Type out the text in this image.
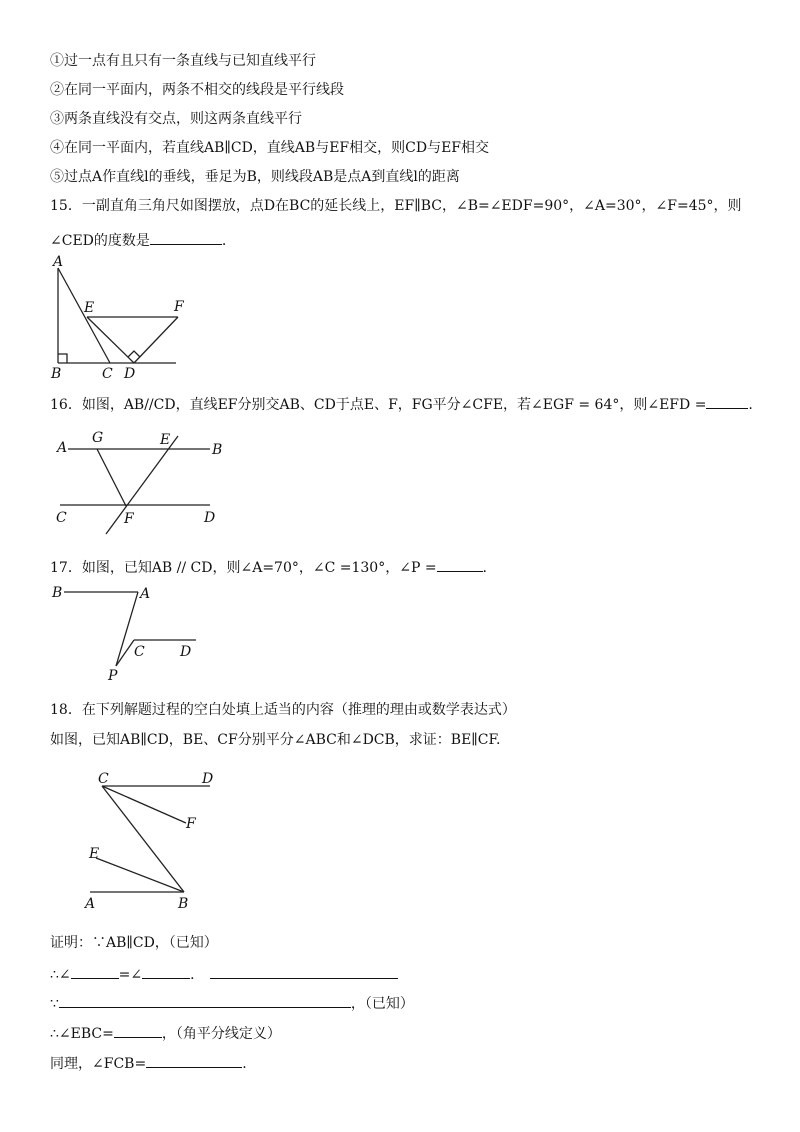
①过一点有且只有一条直线与已知直线平行
②在同一平面内，两条不相交的线段是平行线段
③两条直线没有交点，则这两条直线平行
④在同一平面内，若直线AB∥CD，直线AB与EF相交，则CD与EF相交
⑤过点A作直线l的垂线，垂足为B，则线段AB是点A到直线l的距离
15．一副直角三角尺如图摆放，点D在BC的延长线上，EF∥BC，∠B=∠EDF=90°，∠A=30°，∠F=45°，则
∠CED的度数是	.
A
E	F
B	C D
16．如图，AB//CD，直线EF分别交AB、CD于点E、F，FG平分∠CFE，若∠EGF = 64°，则∠EFD =	.
A
G	E
B
C	F	D
17．如图，已知AB // CD，则∠A=70°，∠C =130°，∠P =	.
B	A
C	D
P
18．在下列解题过程的空白处填上适当的内容（推理的理由或数学表达式）
如图，已知AB∥CD，BE、CF分别平分∠ABC和∠DCB，求证：BE∥CF.
C	D
F
E
A	B
证明：∵AB∥CD，（已知）
∴∠	=∠	．
∵	，（已知）
∴∠EBC=	，（角平分线定义）
同理，∠FCB=	.
